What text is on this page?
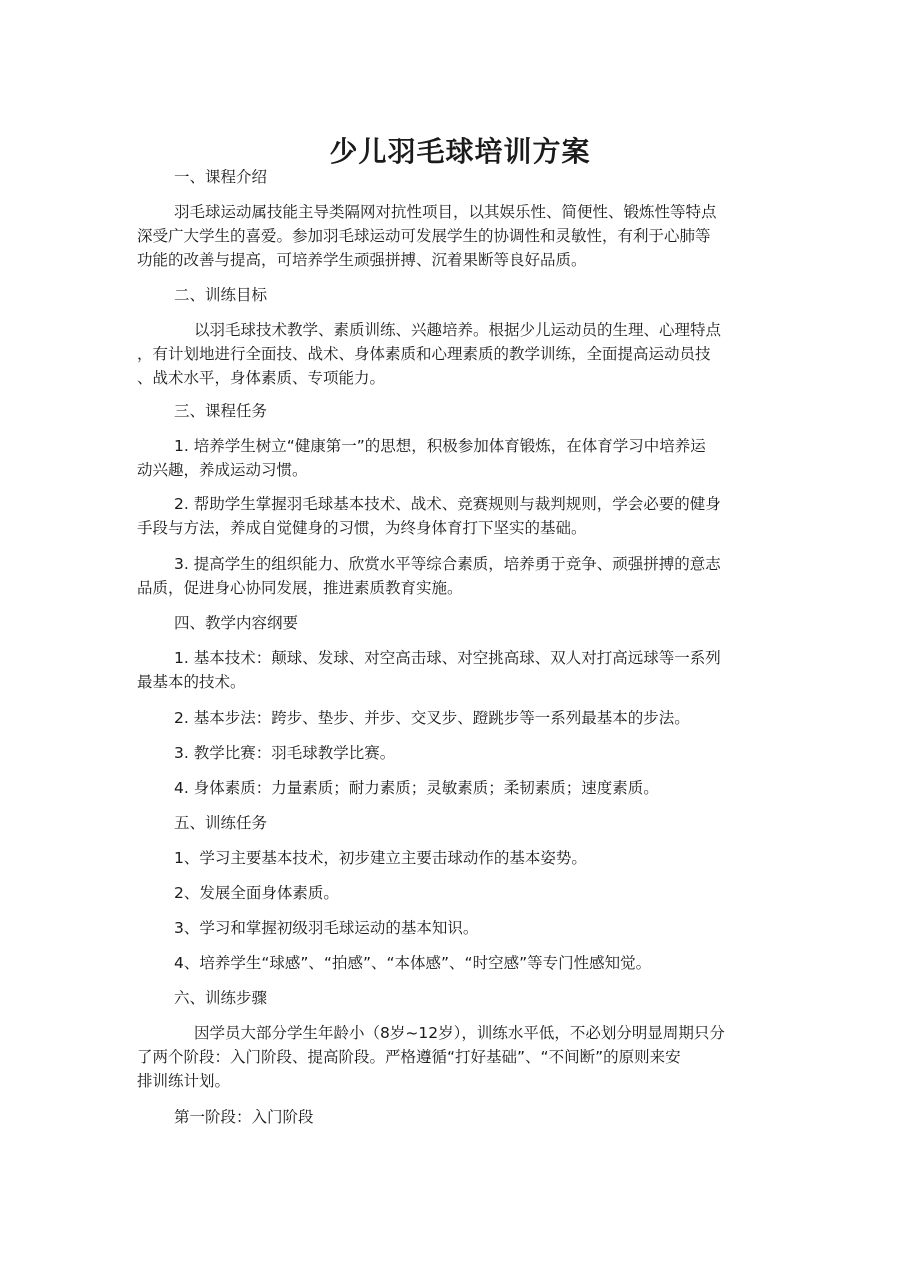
少儿羽毛球培训方案

一、课程介绍

羽毛球运动属技能主导类隔网对抗性项目，以其娱乐性、简便性、锻炼性等特点

深受广大学生的喜爱。参加羽毛球运动可发展学生的协调性和灵敏性，有利于心肺等

功能的改善与提高，可培养学生顽强拼搏、沉着果断等良好品质。

二、训练目标

以羽毛球技术教学、素质训练、兴趣培养。根据少儿运动员的生理、心理特点

，有计划地进行全面技、战术、身体素质和心理素质的教学训练，全面提高运动员技

、战术水平，身体素质、专项能力。

三、课程任务

1. 培养学生树立“健康第一”的思想，积极参加体育锻炼，在体育学习中培养运

动兴趣，养成运动习惯。

2. 帮助学生掌握羽毛球基本技术、战术、竞赛规则与裁判规则，学会必要的健身

手段与方法，养成自觉健身的习惯，为终身体育打下坚实的基础。

3. 提高学生的组织能力、欣赏水平等综合素质，培养勇于竞争、顽强拼搏的意志

品质，促进身心协同发展，推进素质教育实施。

四、教学内容纲要

1. 基本技术：颠球、发球、对空高击球、对空挑高球、双人对打高远球等一系列

最基本的技术。

2. 基本步法：跨步、垫步、并步、交叉步、蹬跳步等一系列最基本的步法。

3. 教学比赛：羽毛球教学比赛。

4. 身体素质：力量素质；耐力素质；灵敏素质；柔韧素质；速度素质。

五、训练任务

1、学习主要基本技术，初步建立主要击球动作的基本姿势。

2、发展全面身体素质。

3、学习和掌握初级羽毛球运动的基本知识。

4、培养学生“球感”、“拍感”、“本体感”、“时空感”等专门性感知觉。

六、训练步骤

因学员大部分学生年龄小（8岁~12岁），训练水平低，不必划分明显周期只分

了两个阶段：入门阶段、提高阶段。严格遵循“打好基础”、“不间断”的原则来安

排训练计划。

第一阶段：入门阶段
